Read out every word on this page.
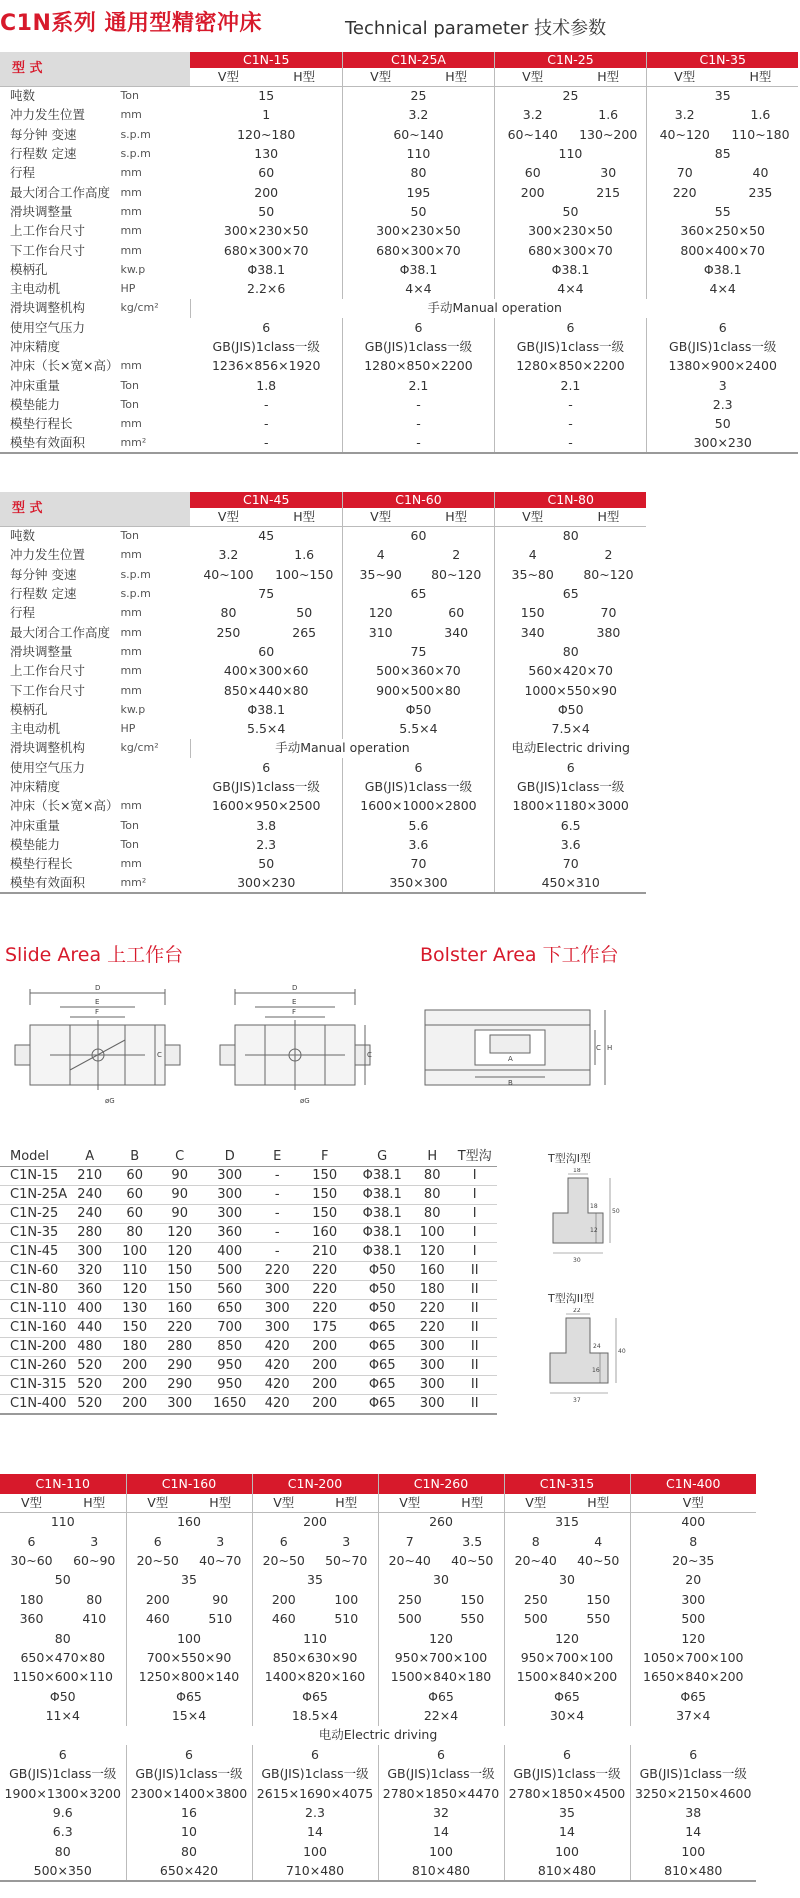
C1N系列 通用型精密冲床	Technical parameter 技术参数
型 式		C1N-15		C1N-25A		C1N-25		C1N-35	
		V型	H型	V型	H型	V型	H型	V型	H型
吨数	Ton	15		25		25		35	
冲力发生位置	mm	1		3.2		3.2	1.6	3.2	1.6
每分钟 变速	s.p.m	120~180		60~140		60~140	130~200	40~120	110~180
行程数 定速	s.p.m	130		110		110		85	
行程	mm	60		80		60	30	70	40
最大闭合工作高度	mm	200		195		200	215	220	235
滑块调整量	mm	50		50		50		55	
上工作台尺寸	mm	300×230×50		300×230×50		300×230×50		360×250×50	
下工作台尺寸	mm	680×300×70		680×300×70		680×300×70		800×400×70	
模柄孔	kw.p	Φ38.1		Φ38.1		Φ38.1		Φ38.1	
主电动机	HP	2.2×6		4×4		4×4		4×4	
滑块调整机构	kg/cm²	手动Manual operation							
使用空气压力		6		6		6		6	
冲床精度		GB(JIS)1class一级		GB(JIS)1class一级		GB(JIS)1class一级		GB(JIS)1class一级	
冲床（长×宽×高）	mm	1236×856×1920		1280×850×2200		1280×850×2200		1380×900×2400	
冲床重量	Ton	1.8		2.1		2.1		3	
模垫能力	Ton	-		-		-		2.3	
模垫行程长	mm	-		-		-		50	
模垫有效面积	mm²	-		-		-		300×230	
型 式		C1N-45		C1N-60		C1N-80	
		V型	H型	V型	H型	V型	H型
吨数	Ton	45		60		80	
冲力发生位置	mm	3.2	1.6	4	2	4	2
每分钟 变速	s.p.m	40~100	100~150	35~90	80~120	35~80	80~120
行程数 定速	s.p.m	75		65		65	
行程	mm	80	50	120	60	150	70
最大闭合工作高度	mm	250	265	310	340	340	380
滑块调整量	mm	60		75		80	
上工作台尺寸	mm	400×300×60		500×360×70		560×420×70	
下工作台尺寸	mm	850×440×80		900×500×80		1000×550×90	
模柄孔	kw.p	Φ38.1		Φ50		Φ50	
主电动机	HP	5.5×4		5.5×4		7.5×4	
滑块调整机构	kg/cm²	手动Manual operation				电动Electric driving	
使用空气压力		6		6		6	
冲床精度		GB(JIS)1class一级		GB(JIS)1class一级		GB(JIS)1class一级	
冲床（长×宽×高）	mm	1600×950×2500		1600×1000×2800		1800×1180×3000	
冲床重量	Ton	3.8		5.6		6.5	
模垫能力	Ton	2.3		3.6		3.6	
模垫行程长	mm	50		70		70	
模垫有效面积	mm²	300×230		350×300		450×310	
Slide Area 上工作台	Bolster Area 下工作台
D
E
F
C
øG
D
E
F
C
øG
A
B
C H
Model	A	B	C	D	E	F	G	H	T型沟
C1N-15	210	60	90	300	-	150	Φ38.1	80	I
C1N-25A	240	60	90	300	-	150	Φ38.1	80	I
C1N-25	240	60	90	300	-	150	Φ38.1	80	I
C1N-35	280	80	120	360	-	160	Φ38.1	100	I
C1N-45	300	100	120	400	-	210	Φ38.1	120	I
C1N-60	320	110	150	500	220	220	Φ50	160	II
C1N-80	360	120	150	560	300	220	Φ50	180	II
C1N-110	400	130	160	650	300	220	Φ50	220	II
C1N-160	440	150	220	700	300	175	Φ65	220	II
C1N-200	480	180	280	850	420	200	Φ65	300	II
C1N-260	520	200	290	950	420	200	Φ65	300	II
C1N-315	520	200	290	950	420	200	Φ65	300	II
C1N-400	520	200	300	1650	420	200	Φ65	300	II
T型沟I型
18
18
12
50
30
T型沟II型
22
24
16
40
37
C1N-110		C1N-160		C1N-200		C1N-260		C1N-315		C1N-400
V型	H型	V型	H型	V型	H型	V型	H型	V型	H型	V型
110		160		200		260		315		400
6	3	6	3	6	3	7	3.5	8	4	8
30~60	60~90	20~50	40~70	20~50	50~70	20~40	40~50	20~40	40~50	20~35
50		35		35		30		30		20
180	80	200	90	200	100	250	150	250	150	300
360	410	460	510	460	510	500	550	500	550	500
80		100		110		120		120		120
650×470×80		700×550×90		850×630×90		950×700×100		950×700×100		1050×700×100
1150×600×110		1250×800×140		1400×820×160		1500×840×180		1500×840×200		1650×840×200
Φ50		Φ65		Φ65		Φ65		Φ65		Φ65
11×4		15×4		18.5×4		22×4		30×4		37×4
电动Electric driving										
6		6		6		6		6		6
GB(JIS)1class一级		GB(JIS)1class一级		GB(JIS)1class一级		GB(JIS)1class一级		GB(JIS)1class一级		GB(JIS)1class一级
1900×1300×3200		2300×1400×3800		2615×1690×4075		2780×1850×4470		2780×1850×4500		3250×2150×4600
9.6		16		2.3		32		35		38
6.3		10		14		14		14		14
80		80		100		100		100		100
500×350		650×420		710×480		810×480		810×480		810×480
